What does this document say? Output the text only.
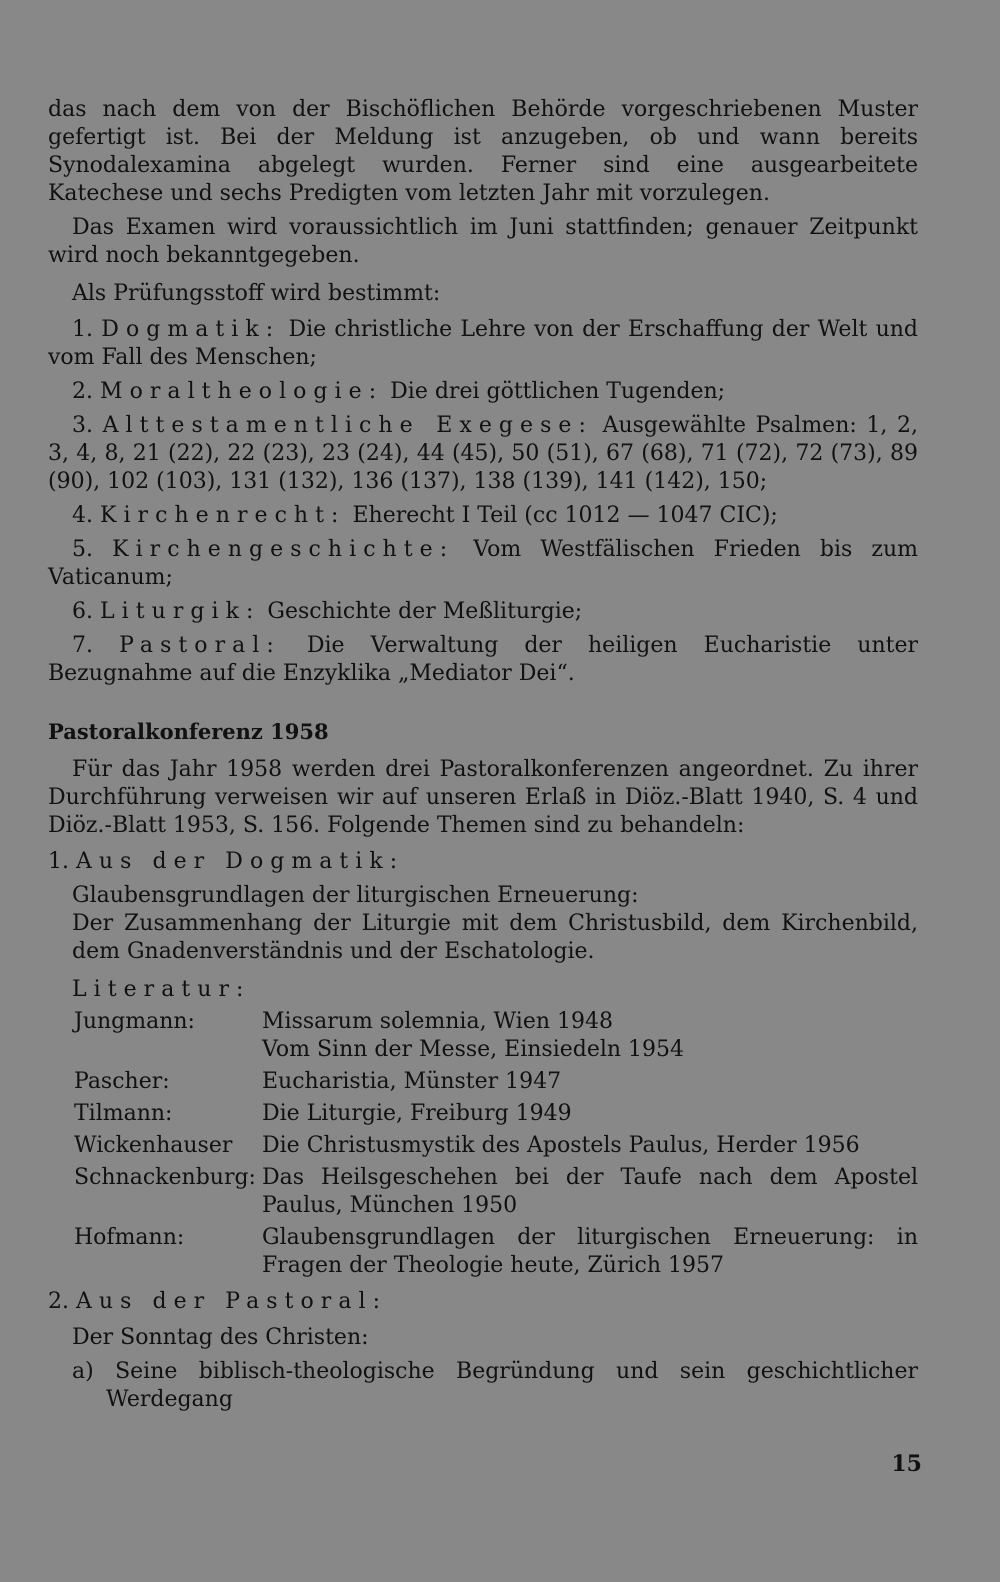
das nach dem von der Bischöflichen Behörde vorgeschriebenen Muster gefertigt ist. Bei der Meldung ist anzugeben, ob und wann bereits Synodalexamina abgelegt wurden. Ferner sind eine ausgearbeitete Katechese und sechs Predigten vom letzten Jahr mit vorzulegen.

Das Examen wird voraussichtlich im Juni stattfinden; genauer Zeitpunkt wird noch bekanntgegeben.

Als Prüfungsstoff wird bestimmt:

1. Dogmatik: Die christliche Lehre von der Erschaffung der Welt und vom Fall des Menschen;

2. Moraltheologie: Die drei göttlichen Tugenden;

3. Alttestamentliche Exegese: Ausgewählte Psalmen: 1, 2, 3, 4, 8, 21 (22), 22 (23), 23 (24), 44 (45), 50 (51), 67 (68), 71 (72), 72 (73), 89 (90), 102 (103), 131 (132), 136 (137), 138 (139), 141 (142), 150;

4. Kirchenrecht: Eherecht I Teil (cc 1012 — 1047 CIC);

5. Kirchengeschichte: Vom Westfälischen Frieden bis zum Vaticanum;

6. Liturgik: Geschichte der Meßliturgie;

7. Pastoral: Die Verwaltung der heiligen Eucharistie unter Bezugnahme auf die Enzyklika „Mediator Dei“.

Pastoralkonferenz 1958

Für das Jahr 1958 werden drei Pastoralkonferenzen angeordnet. Zu ihrer Durchführung verweisen wir auf unseren Erlaß in Diöz.-Blatt 1940, S. 4 und Diöz.-Blatt 1953, S. 156. Folgende Themen sind zu behandeln:

1. Aus der Dogmatik:

Glaubensgrundlagen der liturgischen Erneuerung:

Der Zusammenhang der Liturgie mit dem Christusbild, dem Kirchenbild, dem Gnadenverständnis und der Eschatologie.

Literatur:

Jungmann:	Missarum solemnia, Wien 1948
Vom Sinn der Messe, Einsiedeln 1954
Pascher:	Eucharistia, Münster 1947
Tilmann:	Die Liturgie, Freiburg 1949
Wickenhauser	Die Christusmystik des Apostels Paulus, Herder 1956
Schnackenburg: Das Heilsgeschehen bei der Taufe nach dem Apostel Paulus, München 1950
Hofmann:	Glaubensgrundlagen der liturgischen Erneuerung: in Fragen der Theologie heute, Zürich 1957

2. Aus der Pastoral:

Der Sonntag des Christen:

a) Seine biblisch-theologische Begründung und sein geschichtlicher Werdegang

15
